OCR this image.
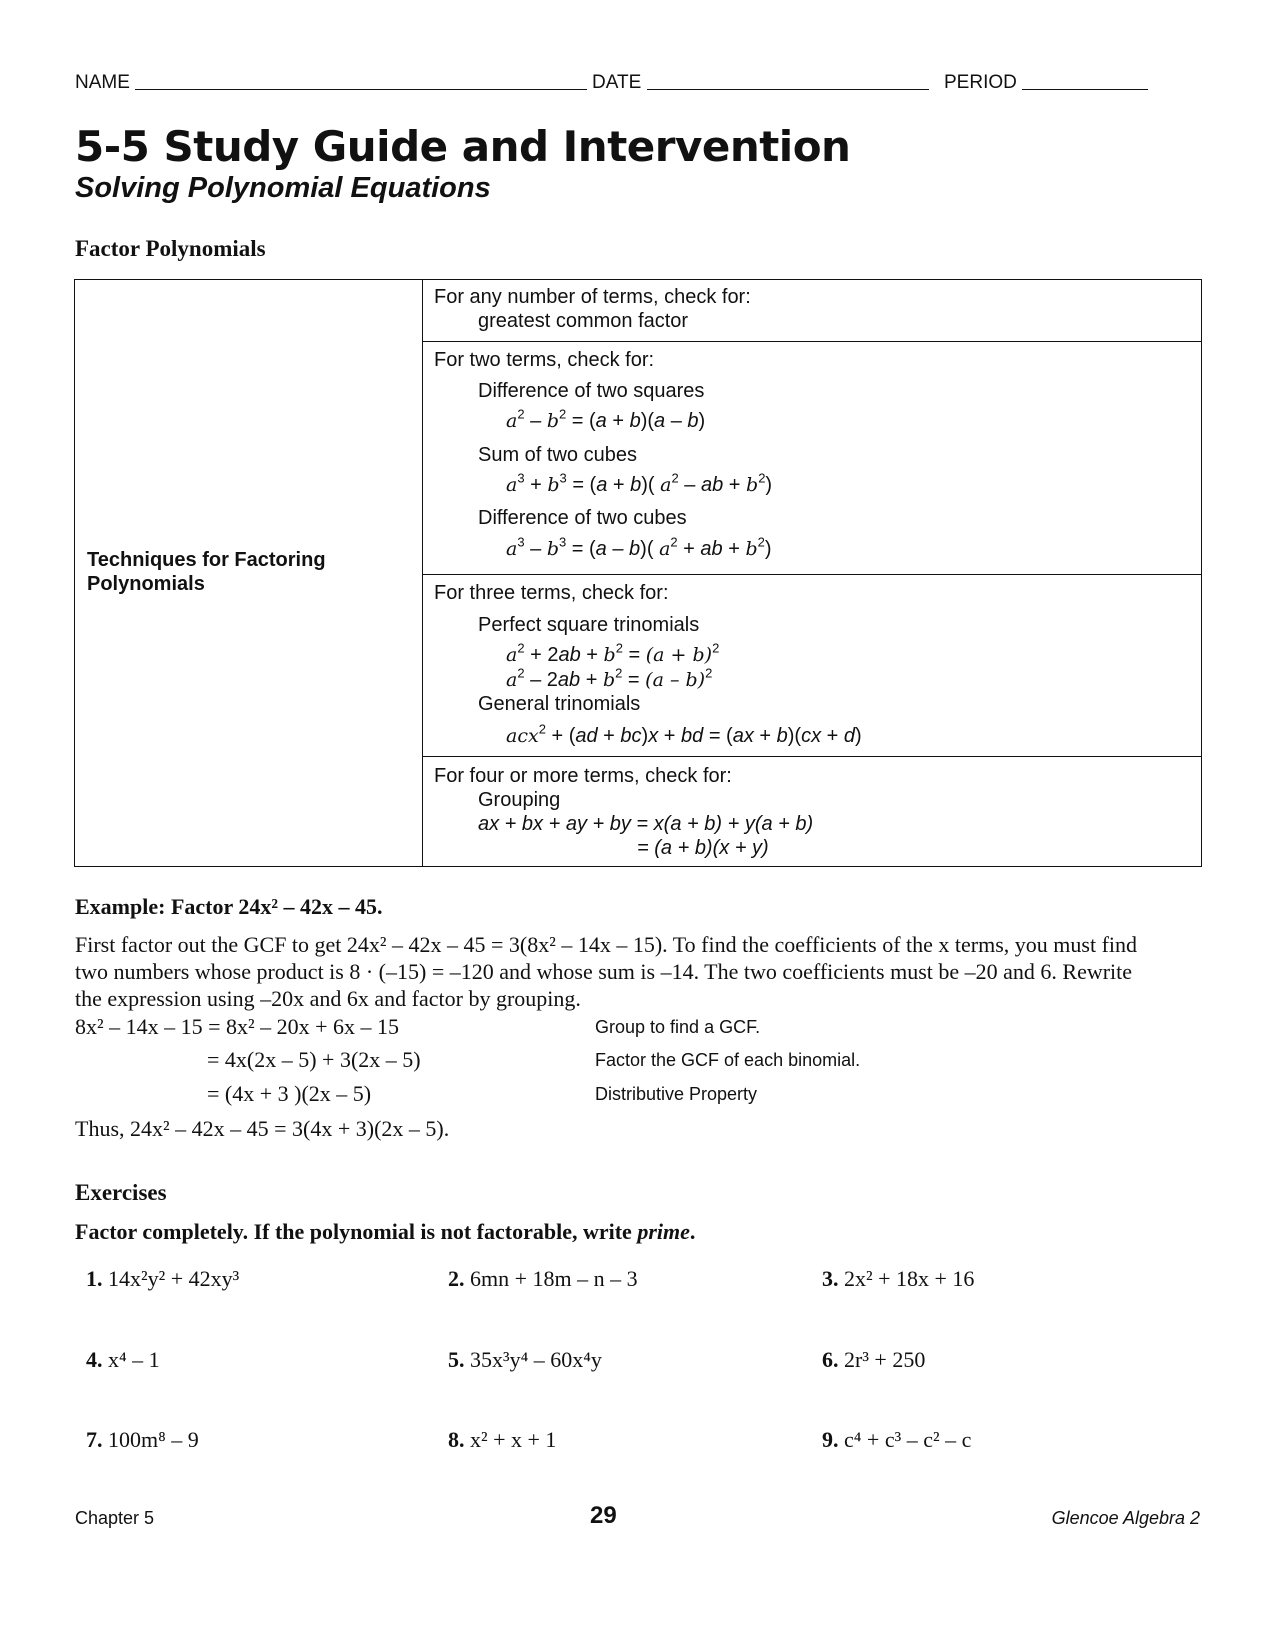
NAME	DATE	PERIOD
5-5 Study Guide and Intervention
Solving Polynomial Equations
Factor Polynomials
Techniques for Factoring Polynomials
For any number of terms, check for:
greatest common factor
For two terms, check for:
Difference of two squares
$a^2 - b^2 = (a + b)(a - b)$
Sum of two cubes
$a^3 + b^3 = (a + b)$( $a^2$ – ab + $b^2$)
Difference of two cubes
$a^3 - b^3 = (a - b)$( $a^2$ + ab + $b^2$)
For three terms, check for:
Perfect square trinomials
$a^2 + 2ab + b^2 = (a + b)^2$
$a^2 - 2ab + b^2 = (a - b)^2$
General trinomials
acx$^2$ + (ad + bc)x + bd = (ax + b)(cx + d)
For four or more terms, check for:
Grouping
ax + bx + ay + by = x(a + b) + y(a + b)
= (a + b)(x + y)
Example: Factor 24x² – 42x – 45.
First factor out the GCF to get 24x² – 42x – 45 = 3(8x² – 14x – 15). To find the coefficients of the x terms, you must find
two numbers whose product is 8 · (–15) = –120 and whose sum is –14. The two coefficients must be –20 and 6. Rewrite
the expression using –20x and 6x and factor by grouping.
8x² – 14x – 15 = 8x² – 20x + 6x – 15	Group to find a GCF.
= 4x(2x – 5) + 3(2x – 5)	Factor the GCF of each binomial.
= (4x + 3 )(2x – 5)	Distributive Property
Thus, 24x² – 42x – 45 = 3(4x + 3)(2x – 5).
Exercises
Factor completely. If the polynomial is not factorable, write prime.
1. 14x²y² + 42xy³	2. 6mn + 18m – n – 3	3. 2x² + 18x + 16
4. x⁴ – 1	5. 35x³y⁴ – 60x⁴y	6. 2r³ + 250
7. 100m⁸ – 9	8. x² + x + 1	9. c⁴ + c³ – c² – c
Chapter 5	29	Glencoe Algebra 2
